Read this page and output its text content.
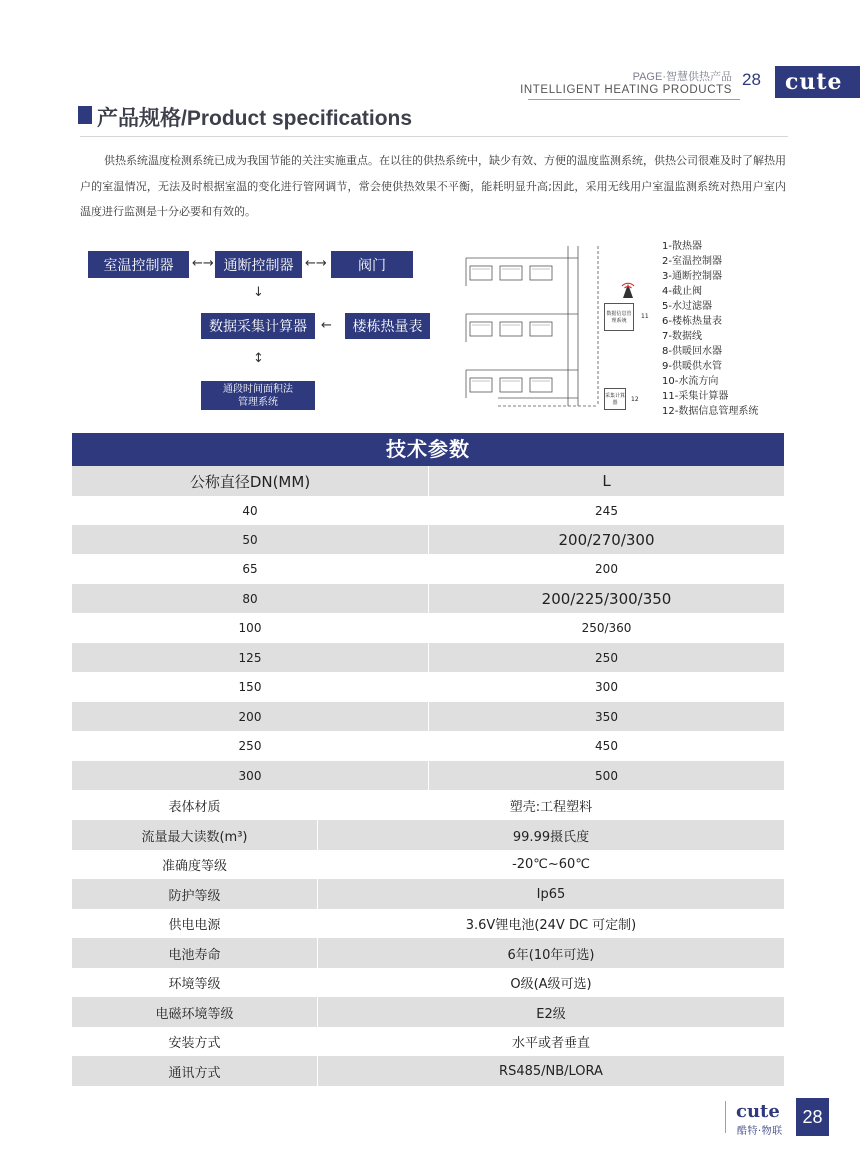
PAGE·智慧供热产品
INTELLIGENT HEATING PRODUCTS
28	cute
产品规格/Product specifications

供热系统温度检测系统已成为我国节能的关注实施重点。在以往的供热系统中，缺少有效、方便的温度监测系统，供热公司很难及时了解热用户的室温情况，无法及时根据室温的变化进行管网调节，常会使供热效果不平衡，能耗明显升高;因此，采用无线用户室温监测系统对热用户室内温度进行监测是十分必要和有效的。

室温控制器	←→ 通断控制器 ←→	阀门
↓
数据采集计算器	←	楼栋热量表
↕
通段时间面积法
管理系统
数据信息管理系统
11
采集计算器	12
1-散热器
2-室温控制器
3-通断控制器
4-截止阀
5-水过滤器
6-楼栋热量表
7-数据线
8-供暖回水器
9-供暖供水管
10-水流方向
11-采集计算器
12-数据信息管理系统
技术参数
公称直径DN(MM)	L
40	245
50	200/270/300
65	200
80	200/225/300/350
100	250/360
125	250
150	300
200	350
250	450
300	500
表体材质	塑壳:工程塑料
流量最大读数(m³)	99.99摄氏度
准确度等级	-20℃~60℃
防护等级	Ip65
供电电源	3.6V锂电池(24V DC 可定制)
电池寿命	6年(10年可选)
环境等级	O级(A级可选)
电磁环境等级	E2级
安装方式	水平或者垂直
通讯方式	RS485/NB/LORA
cute
酷特·物联
28
